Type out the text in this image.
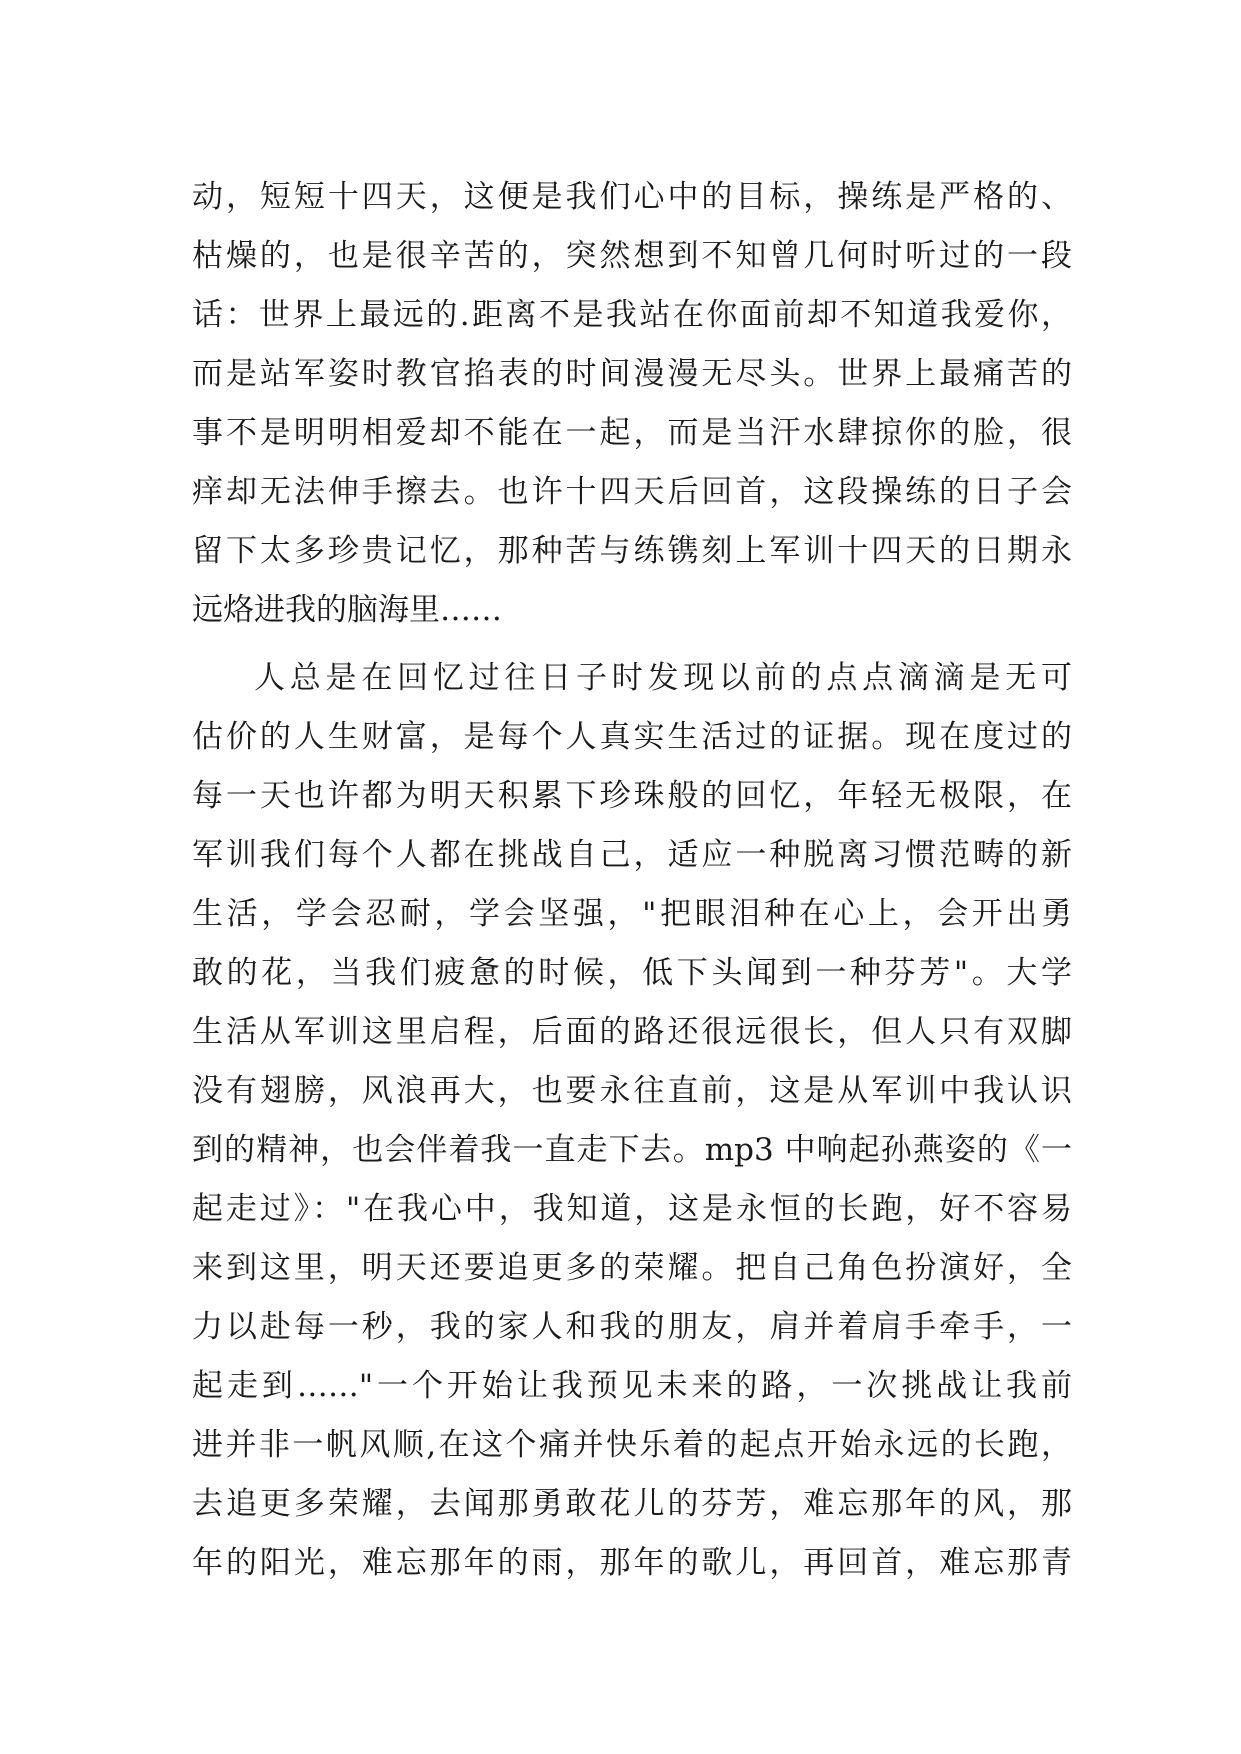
动，短短十四天，这便是我们心中的目标，操练是严格的、
枯燥的，也是很辛苦的，突然想到不知曾几何时听过的一段
话：世界上最远的.距离不是我站在你面前却不知道我爱你，
而是站军姿时教官掐表的时间漫漫无尽头。世界上最痛苦的
事不是明明相爱却不能在一起，而是当汗水肆掠你的脸，很
痒却无法伸手擦去。也许十四天后回首，这段操练的日子会
留下太多珍贵记忆，那种苦与练镌刻上军训十四天的日期永
远烙进我的脑海里……
人总是在回忆过往日子时发现以前的点点滴滴是无可
估价的人生财富，是每个人真实生活过的证据。现在度过的
每一天也许都为明天积累下珍珠般的回忆，年轻无极限，在
军训我们每个人都在挑战自己，适应一种脱离习惯范畴的新
生活，学会忍耐，学会坚强，"把眼泪种在心上，会开出勇
敢的花，当我们疲惫的时候，低下头闻到一种芬芳"。大学
生活从军训这里启程，后面的路还很远很长，但人只有双脚
没有翅膀，风浪再大，也要永往直前，这是从军训中我认识
到的精神，也会伴着我一直走下去。mp3 中响起孙燕姿的《一
起走过》："在我心中，我知道，这是永恒的长跑，好不容易
来到这里，明天还要追更多的荣耀。把自己角色扮演好，全
力以赴每一秒，我的家人和我的朋友，肩并着肩手牵手，一
起走到……"一个开始让我预见未来的路，一次挑战让我前
进并非一帆风顺,在这个痛并快乐着的起点开始永远的长跑，
去追更多荣耀，去闻那勇敢花儿的芬芳，难忘那年的风，那
年的阳光，难忘那年的雨，那年的歌儿，再回首，难忘那青
